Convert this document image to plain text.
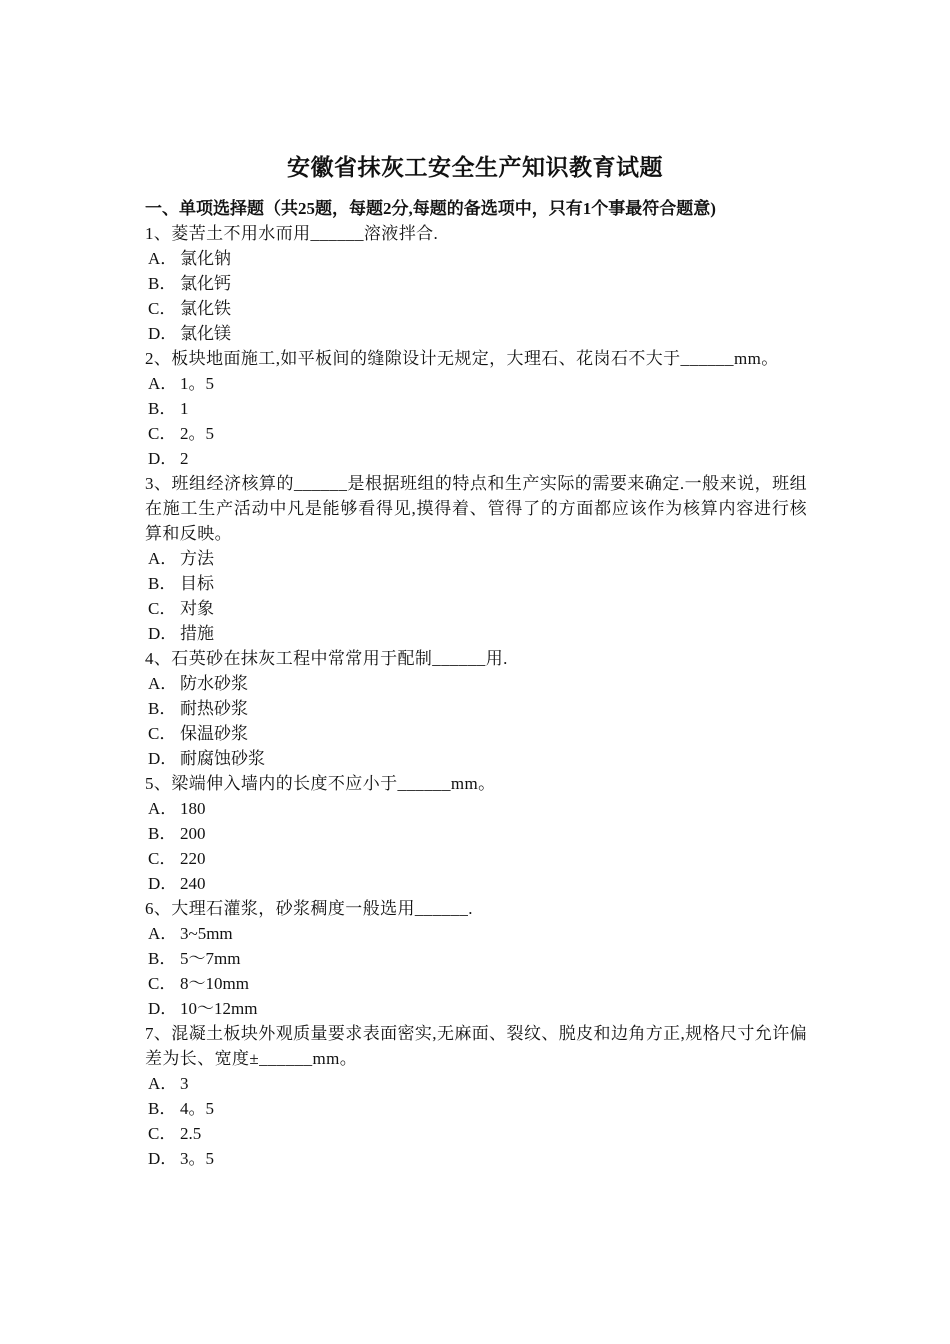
安徽省抹灰工安全生产知识教育试题

一、单项选择题（共25题，每题2分,每题的备选项中，只有1个事最符合题意)

1、菱苦土不用水而用______溶液拌合.

A． 氯化钠
B． 氯化钙
C． 氯化铁
D． 氯化镁

2、板块地面施工,如平板间的缝隙设计无规定，大理石、花岗石不大于______mm。

A． 1。5
B． 1
C． 2。5
D． 2

3、班组经济核算的______是根据班组的特点和生产实际的需要来确定.一般来说，班组在施工生产活动中凡是能够看得见,摸得着、管得了的方面都应该作为核算内容进行核算和反映。

A． 方法
B． 目标
C． 对象
D． 措施

4、石英砂在抹灰工程中常常用于配制______用.

A． 防水砂浆
B． 耐热砂浆
C． 保温砂浆
D． 耐腐蚀砂浆

5、梁端伸入墙内的长度不应小于______mm。

A． 180
B． 200
C． 220
D． 240

6、大理石灌浆，砂浆稠度一般选用______.

A． 3~5mm
B． 5～7mm
C． 8～10mm
D． 10～12mm

7、混凝土板块外观质量要求表面密实,无麻面、裂纹、脱皮和边角方正,规格尺寸允许偏差为长、宽度±______mm。

A． 3
B． 4。5
C． 2.5
D． 3。5
